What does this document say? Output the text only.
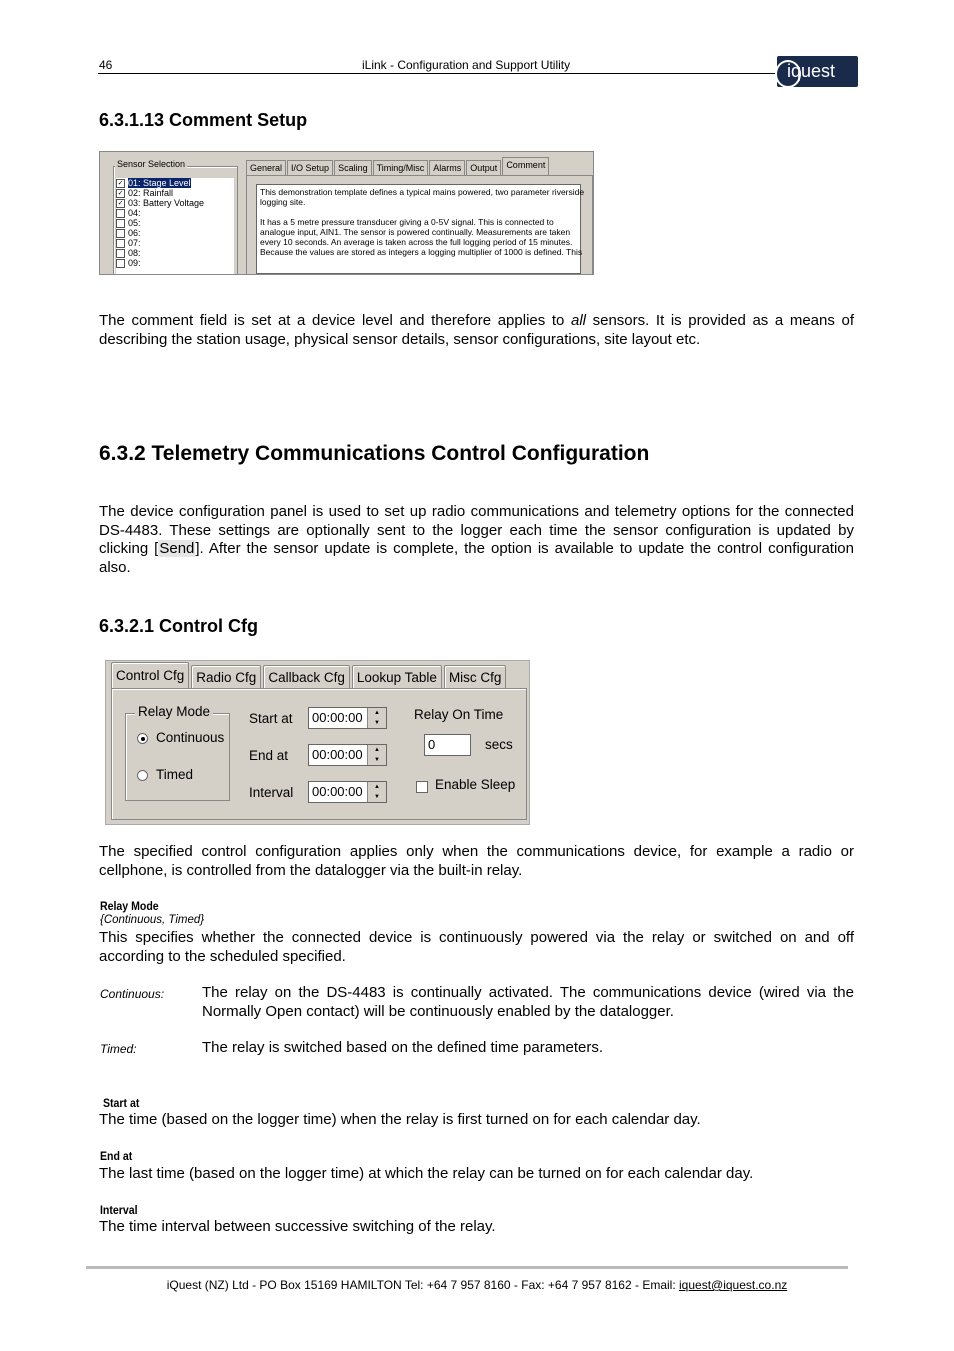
46	iLink - Configuration and Support Utility	iquest
6.3.1.13 Comment Setup
Sensor Selection
✓ 01: Stage Level
✓ 02: Rainfall
✓ 03: Battery Voltage
04:
05:
06:
07:
08:
09:
General	I/O Setup	Scaling	Timing/Misc	Alarms	Output	Comment
This demonstration template defines a typical mains powered, two parameter riverside
logging site.
It has a 5 metre pressure transducer giving a 0-5V signal. This is connected to
analogue input, AIN1. The sensor is powered continually. Measurements are taken
every 10 seconds. An average is taken across the full logging period of 15 minutes.
Because the values are stored as integers a logging multiplier of 1000 is defined. This
The comment field is set at a device level and therefore applies to all sensors. It is provided as a means of describing the station usage, physical sensor details, sensor configurations, site layout etc.
6.3.2 Telemetry Communications Control Configuration
The device configuration panel is used to set up radio communications and telemetry options for the connected DS-4483. These settings are optionally sent to the logger each time the sensor configuration is updated by clicking [Send]. After the sensor update is complete, the option is available to update the control configuration also.
6.3.2.1 Control Cfg
Control Cfg Radio Cfg Callback Cfg Lookup Table Misc Cfg
Relay Mode
Continuous
Timed
Start at	00:00:00	▲
▼
End at	00:00:00	▲
▼
Interval	00:00:00	▲
▼
Relay On Time
0	secs
Enable Sleep
The specified control configuration applies only when the communications device, for example a radio or cellphone, is controlled from the datalogger via the built-in relay.
Relay Mode
{Continuous, Timed}
This specifies whether the connected device is continuously powered via the relay or switched on and off according to the scheduled specified.
Continuous:	The relay on the DS-4483 is continually activated. The communications device (wired via the Normally Open contact) will be continuously enabled by the datalogger.
Timed:	The relay is switched based on the defined time parameters.
Start at
The time (based on the logger time) when the relay is first turned on for each calendar day.
End at
The last time (based on the logger time) at which the relay can be turned on for each calendar day.
Interval
The time interval between successive switching of the relay.
iQuest (NZ) Ltd - PO Box 15169 HAMILTON Tel: +64 7 957 8160 - Fax: +64 7 957 8162 - Email: iquest@iquest.co.nz
